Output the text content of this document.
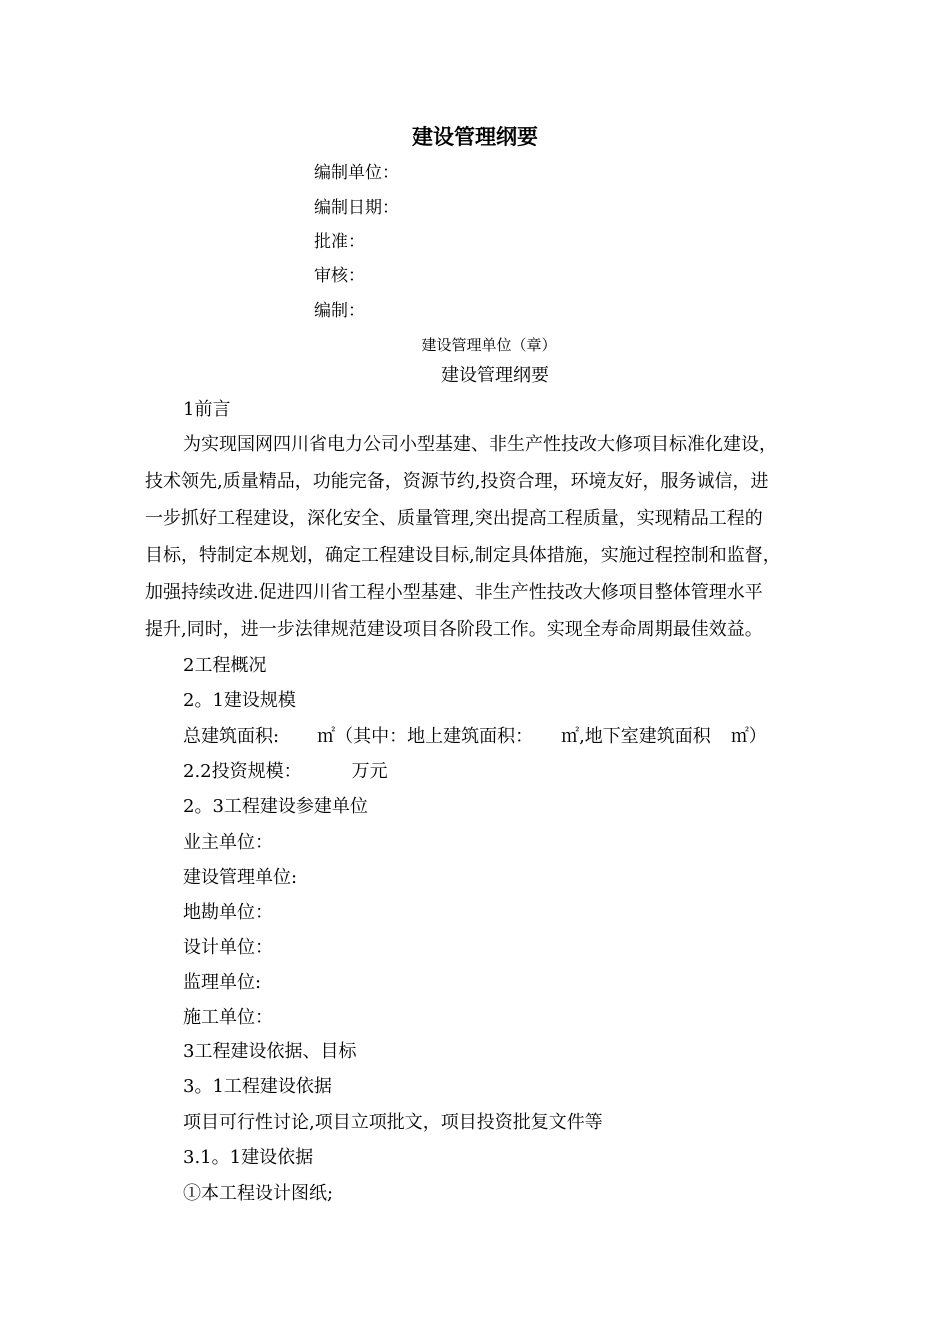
建设管理纲要
编制单位：
编制日期：
批准：
审核：
编制：
建设管理单位（章）
建设管理纲要
1前言
为实现国网四川省电力公司小型基建、非生产性技改大修项目标准化建设，
技术领先,质量精品，功能完备，资源节约,投资合理，环境友好，服务诚信，进
一步抓好工程建设，深化安全、质量管理,突出提高工程质量，实现精品工程的
目标，特制定本规划，确定工程建设目标,制定具体措施，实施过程控制和监督，
加强持续改进.促进四川省工程小型基建、非生产性技改大修项目整体管理水平
提升,同时，进一步法律规范建设项目各阶段工作。实现全寿命周期最佳效益。
2工程概况
2。1建设规模
总建筑面积: ㎡（其中：地上建筑面积： ㎡,地下室建筑面积 ㎡）
2.2投资规模：	万元
2。3工程建设参建单位
业主单位：
建设管理单位:
地勘单位：
设计单位：
监理单位:
施工单位：
3工程建设依据、目标
3。1工程建设依据
项目可行性讨论,项目立项批文，项目投资批复文件等
3.1。1建设依据
①本工程设计图纸;
